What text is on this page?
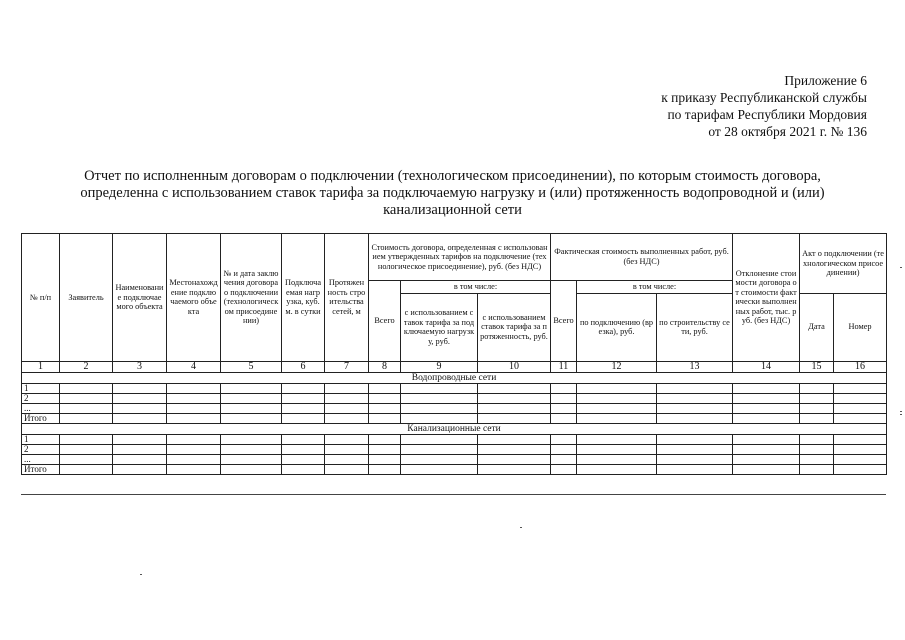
Приложение 6
к приказу Республиканской службы
по тарифам Республики Мордовия
от 28 октября 2021 г. № 136
Отчет по исполненным договорам о подключении (технологическом присоединении), по которым стоимость договора,
определенна с использованием ставок тарифа за подключаемую нагрузку и (или) протяженность водопроводной и (или)
канализационной сети
№ п/п	Заявитель	Наименование подключаемого объекта	Местонахождение подключаемого объекта	№ и дата заключения договора о подключении (технологическом присоединении)	Подключаемая нагрузка, куб.м. в сутки	Протяженность строительства сетей, м	Стоимость договора, определенная с использованием утвержденных тарифов на подключение (технологическое присоединение), руб. (без НДС)			Фактическая стоимость выполненных работ, руб. (без НДС)			Отклонение стоимости договора от стоимости фактически выполненных работ, тыс. руб. (без НДС)	Акт о подключении (технологическом присоединении)	
							Всего	в том числе:		Всего	в том числе:				
								с использованием ставок тарифа за подключаемую нагрузку, руб.	с использованием ставок тарифа за протяженность, руб.		по подключению (врезка), руб.	по строительству сети, руб.		Дата	Номер
1	2	3	4	5	6	7	8	9	10	11	12	13	14	15	16
Водопроводные сети															
1															
2															
...															
Итого															
Канализационные сети															
1															
2															
...															
Итого															
